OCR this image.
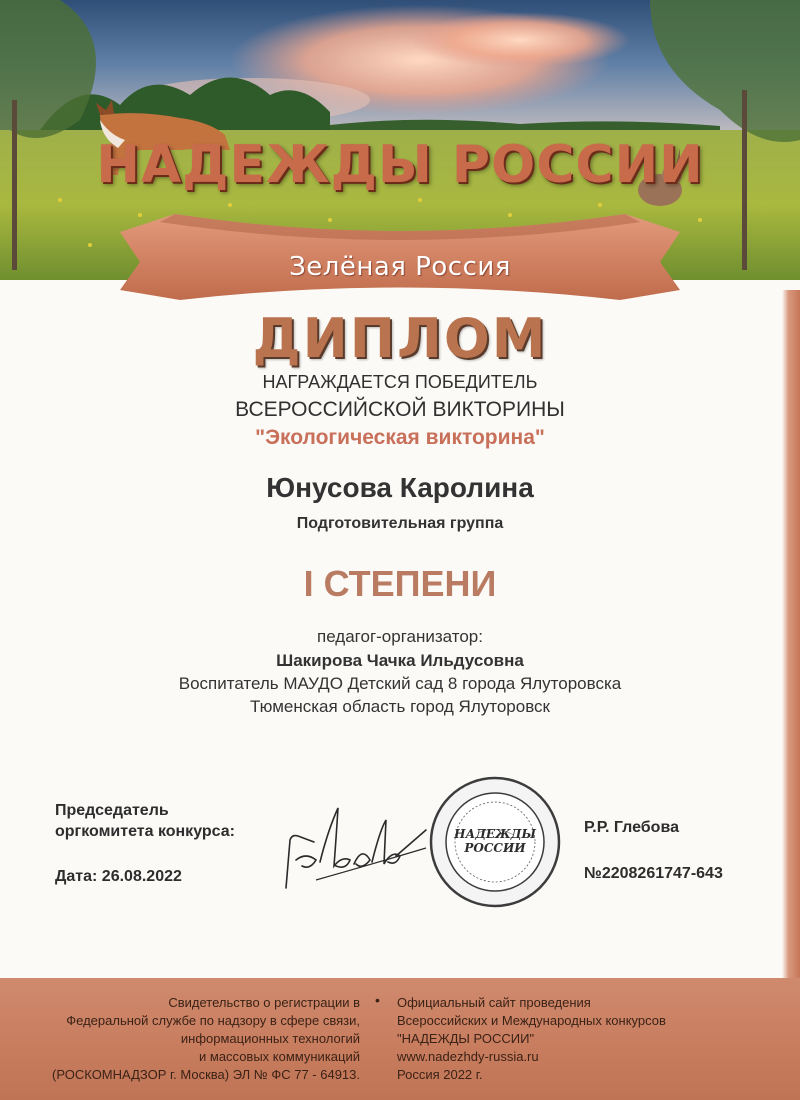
НАДЕЖДЫ РОССИИ
Зелёная Россия
ДИПЛОМ
НАГРАЖДАЕТСЯ ПОБЕДИТЕЛЬ
ВСЕРОССИЙСКОЙ ВИКТОРИНЫ
"Экологическая викторина"
Юнусова Каролина
Подготовительная группа
I СТЕПЕНИ
педагог-организатор:
Шакирова Чачка Ильдусовна
Воспитатель МАУДО Детский сад 8 города Ялуторовска
Тюменская область город Ялуторовск
Председатель
оргкомитета конкурса:
Дата: 26.08.2022
НАДЕЖДЫ
РОССИИ
Р.Р. Глебова
№2208261747-643
Свидетельство о регистрации в
Федеральной службе по надзору в сфере связи,
информационных технологий
и массовых коммуникаций
(РОСКОМНАДЗОР г. Москва) ЭЛ № ФС 77 - 64913.
• Официальный сайт проведения
Всероссийских и Международных конкурсов
"НАДЕЖДЫ РОССИИ"
www.nadezhdy-russia.ru
Россия 2022 г.
